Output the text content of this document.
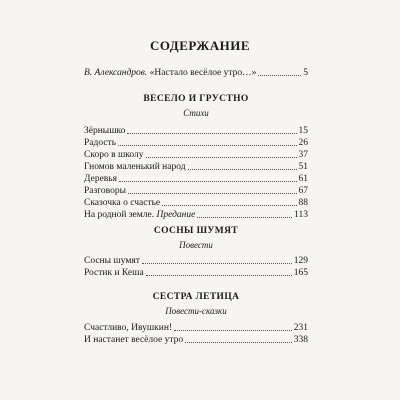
СОДЕРЖАНИЕ
В. Александров. «Настало весёлое утро…»	5
ВЕСЕЛО И ГРУСТНО
Стихи
Зёрнышко	15
Радость	26
Скоро в школу	37
Гномов маленький народ	51
Деревья	61
Разговоры	67
Сказочка о счастье	88
На родной земле. Предание	113
СОСНЫ ШУМЯТ
Повести
Сосны шумят	129
Ростик и Кеша	165
СЕСТРА ЛЕТИЦА
Повести-сказки
Счастливо, Ивушкин!	231
И настанет весёлое утро	338
